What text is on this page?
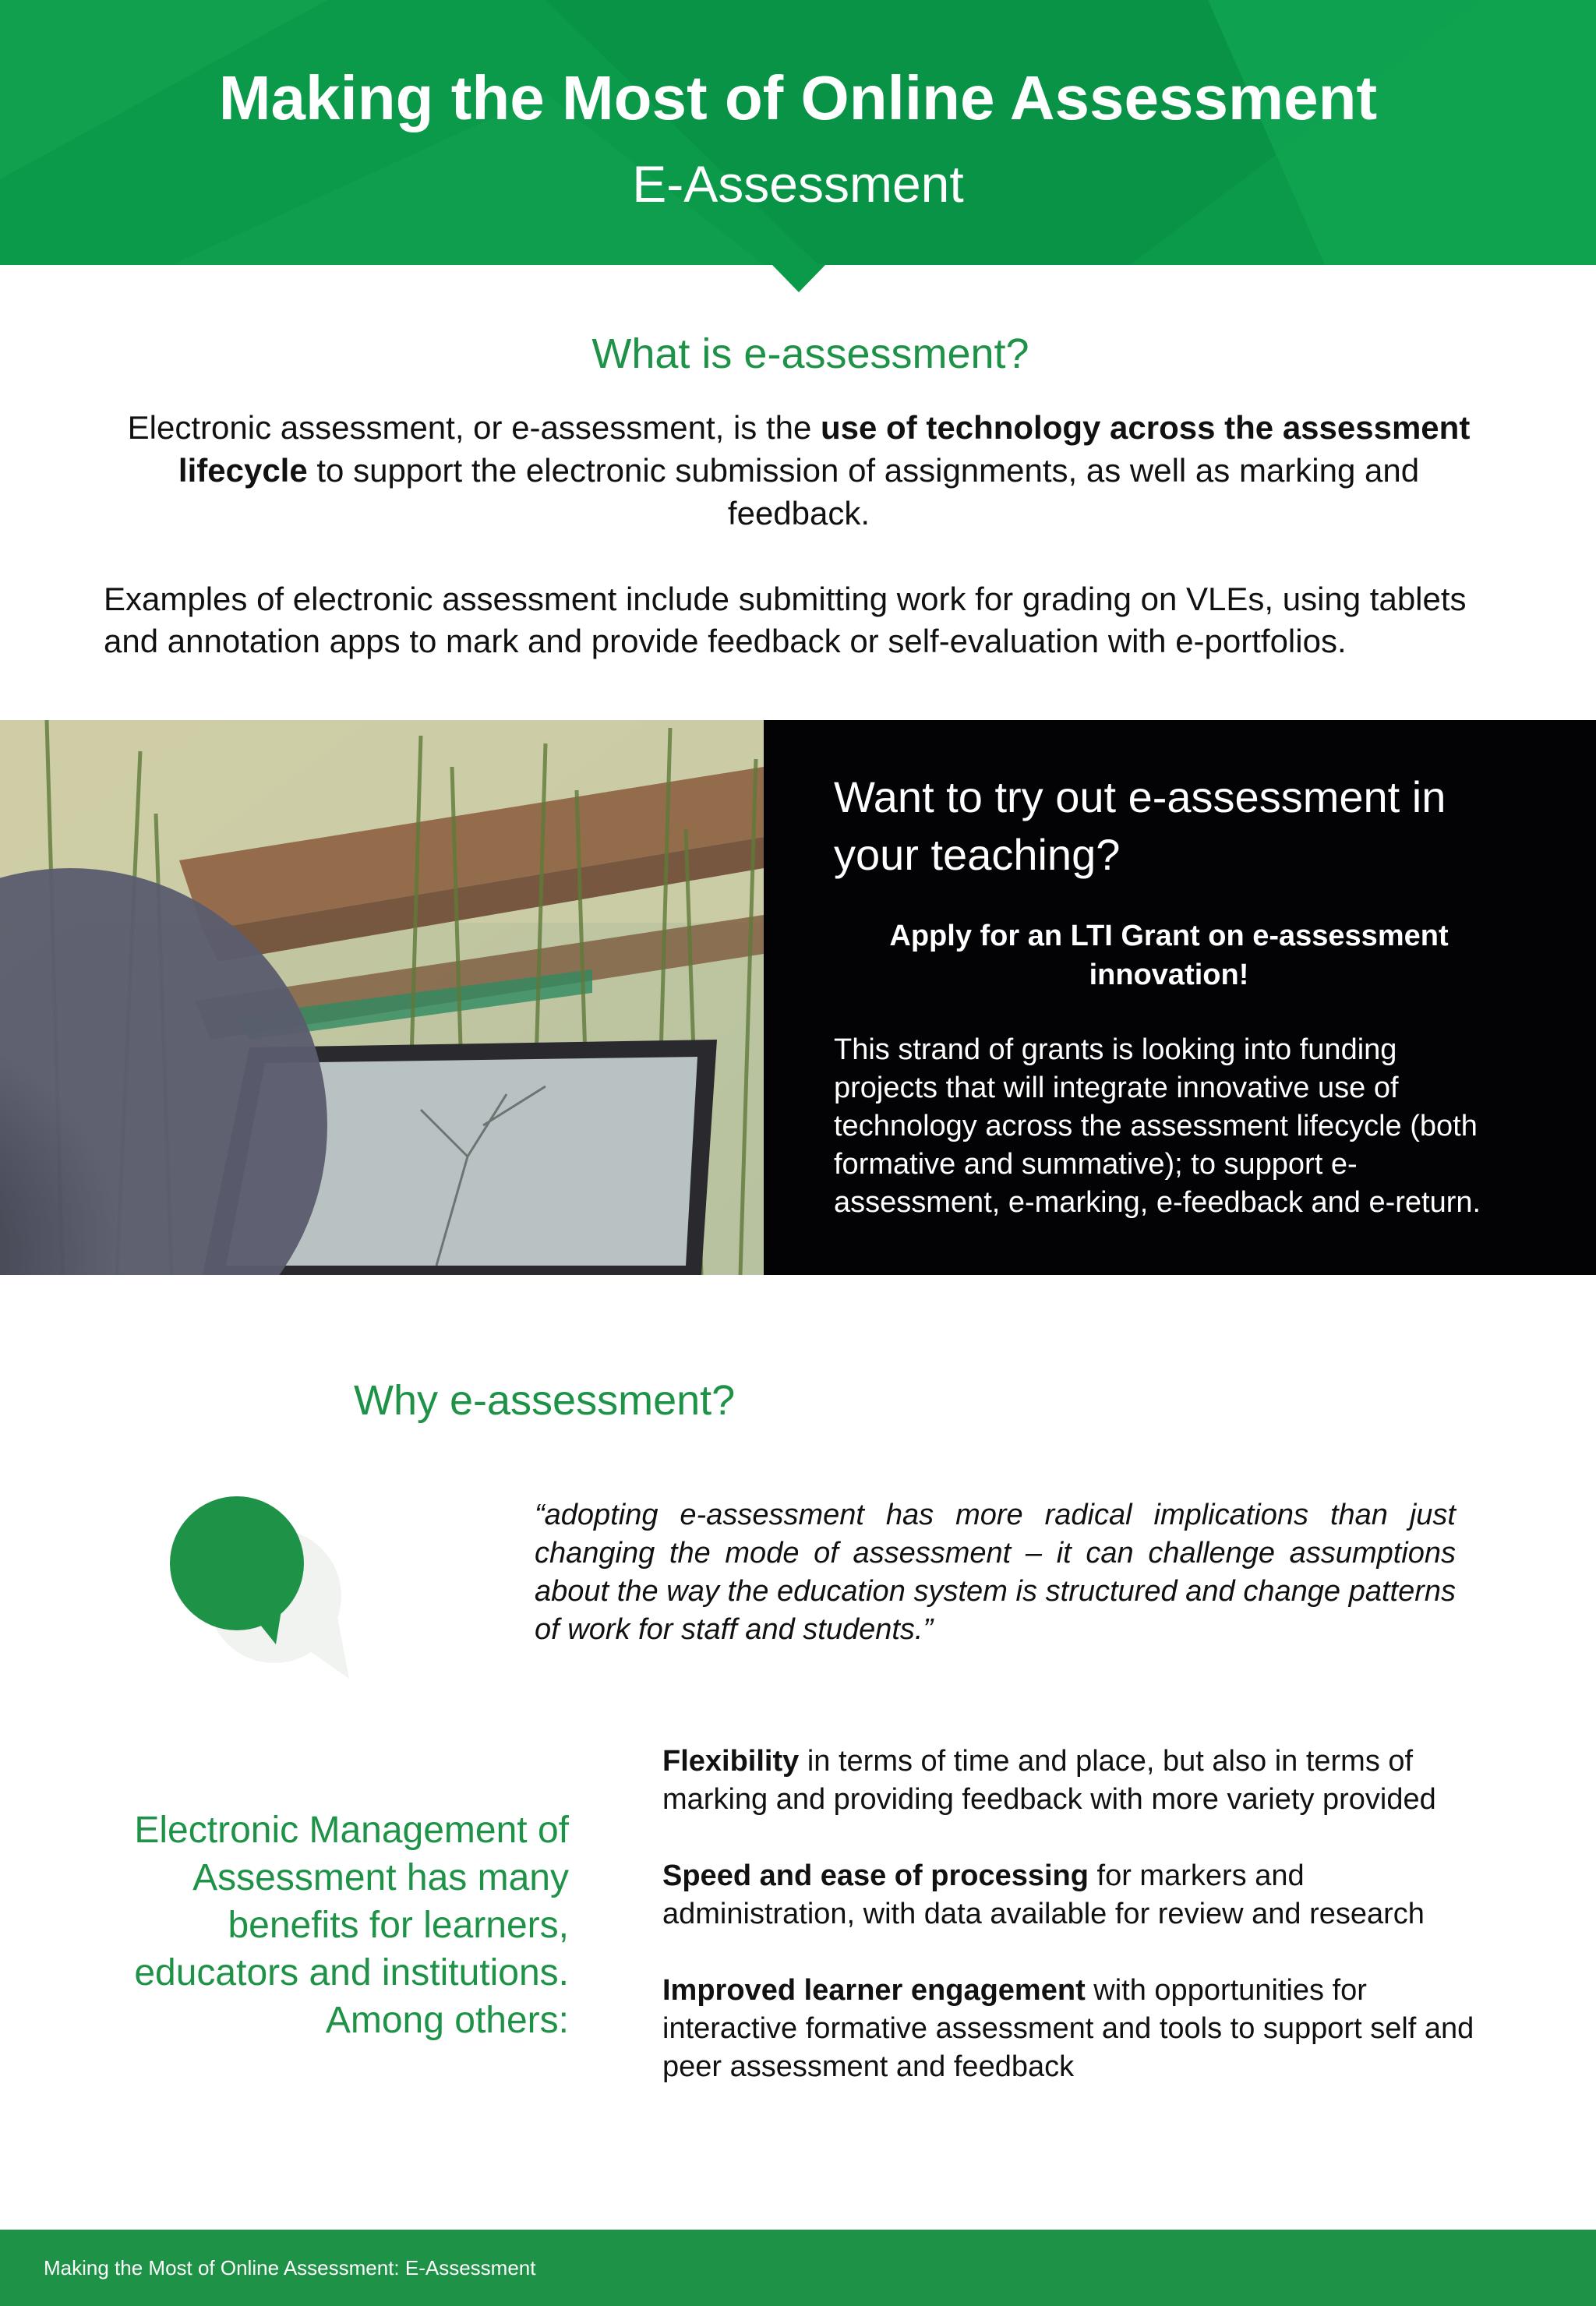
Making the Most of Online Assessment
E-Assessment
What is e-assessment?
Electronic assessment, or e-assessment, is the use of technology across the assessment lifecycle to support the electronic submission of assignments, as well as marking and feedback.
Examples of electronic assessment include submitting work for grading on VLEs, using tablets and annotation apps to mark and provide feedback or self-evaluation with e-portfolios.
Want to try out e-assessment in your teaching?
Apply for an LTI Grant on e-assessment innovation!
This strand of grants is looking into funding projects that will integrate innovative use of technology across the assessment lifecycle (both formative and summative); to support e-assessment, e-marking, e-feedback and e-return.
Why e-assessment?
“adopting e-assessment has more radical implications than just changing the mode of assessment – it can challenge assumptions about the way the education system is structured and change patterns of work for staff and students.”
Electronic Management of Assessment has many benefits for learners, educators and institutions. Among others:

Flexibility in terms of time and place, but also in terms of marking and providing feedback with more variety provided

Speed and ease of processing for markers and administration, with data available for review and research

Improved learner engagement with opportunities for interactive formative assessment and tools to support self and peer assessment and feedback

Making the Most of Online Assessment: E-Assessment
